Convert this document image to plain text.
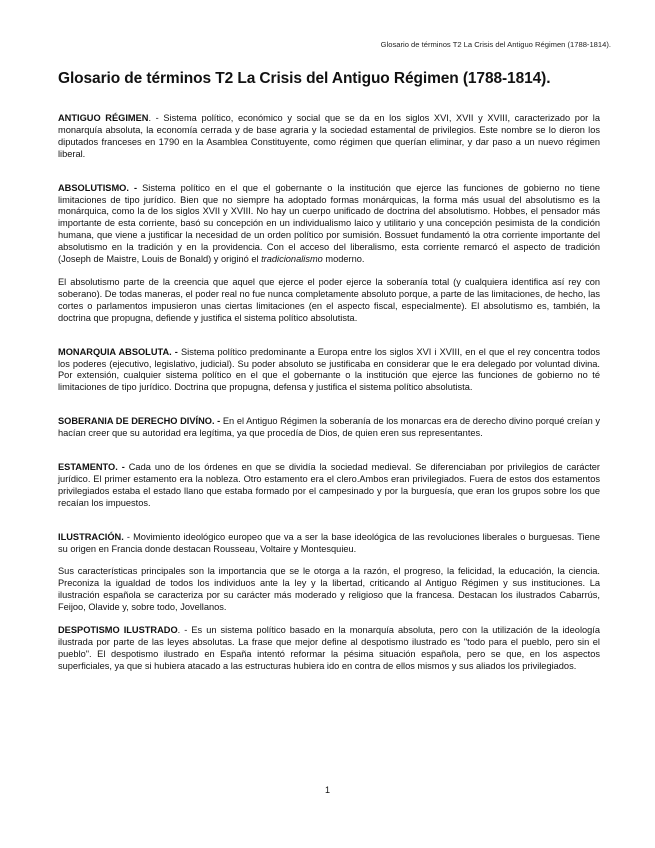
Glosario de términos T2 La Crisis del Antiguo Régimen (1788-1814).
Glosario de términos T2 La Crisis del Antiguo Régimen (1788-1814).

ANTIGUO RÉGIMEN. - Sistema político, económico y social que se da en los siglos XVI, XVII y XVIII, caracterizado por la monarquía absoluta, la economía cerrada y de base agraria y la sociedad estamental de privilegios. Este nombre se lo dieron los diputados franceses en 1790 en la Asamblea Constituyente, como régimen que querían eliminar, y dar paso a un nuevo régimen liberal.

ABSOLUTISMO. - Sistema político en el que el gobernante o la institución que ejerce las funciones de gobierno no tiene limitaciones de tipo jurídico. Bien que no siempre ha adoptado formas monárquicas, la forma más usual del absolutismo es la monárquica, como la de los siglos XVII y XVIII. No hay un cuerpo unificado de doctrina del absolutismo. Hobbes, el pensador más importante de esta corriente, basó su concepción en un individualismo laico y utilitario y una concepción pesimista de la condición humana, que viene a justificar la necesidad de un orden político por sumisión. Bossuet fundamentó la otra corriente importante del absolutismo en la tradición y en la providencia. Con el acceso del liberalismo, esta corriente remarcó el aspecto de tradición (Joseph de Maistre, Louis de Bonald) y originó el tradicionalismo moderno.

El absolutismo parte de la creencia que aquel que ejerce el poder ejerce la soberanía total (y cualquiera identifica así rey con soberano). De todas maneras, el poder real no fue nunca completamente absoluto porque, a parte de las limitaciones, de hecho, las cortes o parlamentos impusieron unas ciertas limitaciones (en el aspecto fiscal, especialmente). El absolutismo es, también, la doctrina que propugna, defiende y justifica el sistema político absolutista.

MONARQUIA ABSOLUTA. - Sistema político predominante a Europa entre los siglos XVI i XVIII, en el que el rey concentra todos los poderes (ejecutivo, legislativo, judicial). Su poder absoluto se justificaba en considerar que le era delegado por voluntad divina. Por extensión, cualquier sistema político en el que el gobernante o la institución que ejerce las funciones de gobierno no té limitaciones de tipo jurídico. Doctrina que propugna, defensa y justifica el sistema político absolutista.

SOBERANIA DE DERECHO DIVÍNO. - En el Antiguo Régimen la soberanía de los monarcas era de derecho divino porqué creían y hacían creer que su autoridad era legítima, ya que procedía de Dios, de quien eren sus representantes.

ESTAMENTO. - Cada uno de los órdenes en que se dividía la sociedad medieval. Se diferenciaban por privilegios de carácter jurídico. El primer estamento era la nobleza. Otro estamento era el clero.Ambos eran privilegiados. Fuera de estos dos estamentos privilegiados estaba el estado llano que estaba formado por el campesinado y por la burguesía, que eran los grupos sobre los que recaían los impuestos.

ILUSTRACIÓN. - Movimiento ideológico europeo que va a ser la base ideológica de las revoluciones liberales o burguesas. Tiene su origen en Francia donde destacan Rousseau, Voltaire y Montesquieu.

Sus características principales son la importancia que se le otorga a la razón, el progreso, la felicidad, la educación, la ciencia. Preconiza la igualdad de todos los individuos ante la ley y la libertad, criticando al Antiguo Régimen y sus instituciones. La ilustración española se caracteriza por su carácter más moderado y religioso que la francesa. Destacan los ilustrados Cabarrús, Feijoo, Olavide y, sobre todo, Jovellanos.

DESPOTISMO ILUSTRADO. - Es un sistema político basado en la monarquía absoluta, pero con la utilización de la ideología ilustrada por parte de las leyes absolutas. La frase que mejor define al despotismo ilustrado es "todo para el pueblo, pero sin el pueblo". El despotismo ilustrado en España intentó reformar la pésima situación española, pero se que, en los aspectos superficiales, ya que si hubiera atacado a las estructuras hubiera ido en contra de ellos mismos y sus aliados los privilegiados.

1
